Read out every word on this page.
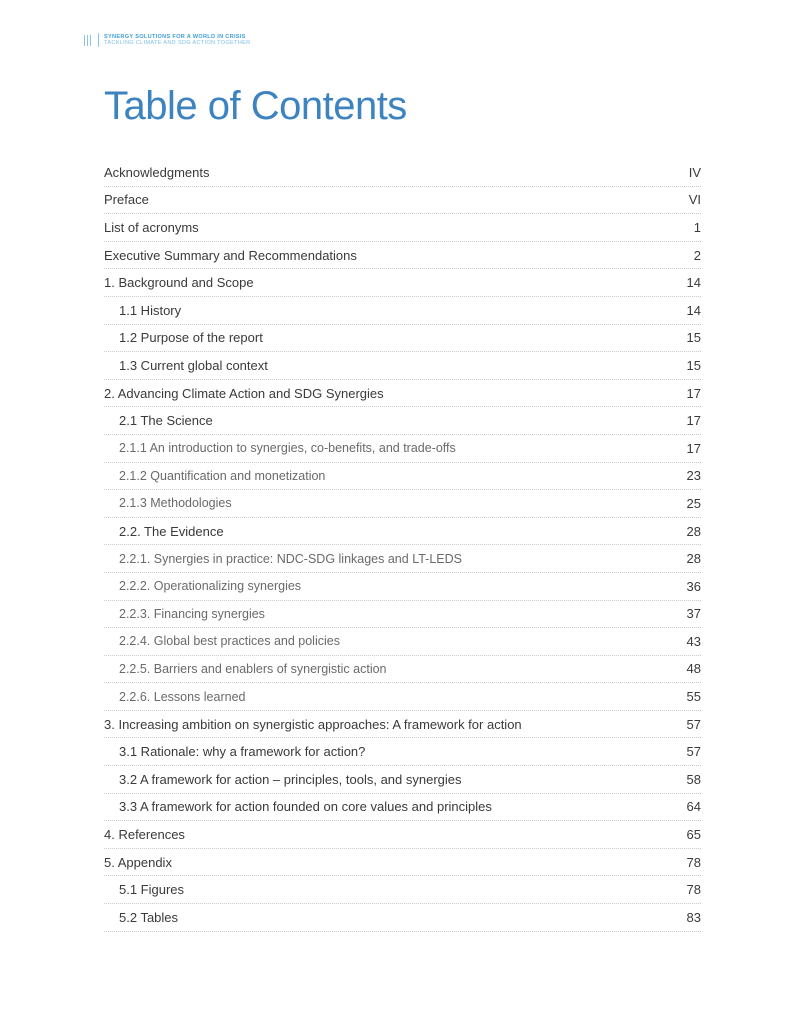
SYNERGY SOLUTIONS FOR A WORLD IN CRISIS
TACKLING CLIMATE AND SDG ACTION TOGETHER
Table of Contents
Acknowledgments	IV
Preface	VI
List of acronyms	1
Executive Summary and Recommendations	2
1. Background and Scope	14
1.1 History	14
1.2 Purpose of the report	15
1.3 Current global context	15
2. Advancing Climate Action and SDG Synergies	17
2.1 The Science	17
2.1.1 An introduction to synergies, co-benefits, and trade-offs	17
2.1.2 Quantification and monetization	23
2.1.3 Methodologies	25
2.2. The Evidence	28
2.2.1. Synergies in practice: NDC-SDG linkages and LT-LEDS	28
2.2.2. Operationalizing synergies	36
2.2.3. Financing synergies	37
2.2.4. Global best practices and policies	43
2.2.5. Barriers and enablers of synergistic action	48
2.2.6. Lessons learned	55
3. Increasing ambition on synergistic approaches: A framework for action	57
3.1 Rationale: why a framework for action?	57
3.2 A framework for action – principles, tools, and synergies	58
3.3 A framework for action founded on core values and principles	64
4. References	65
5. Appendix	78
5.1 Figures	78
5.2 Tables	83
